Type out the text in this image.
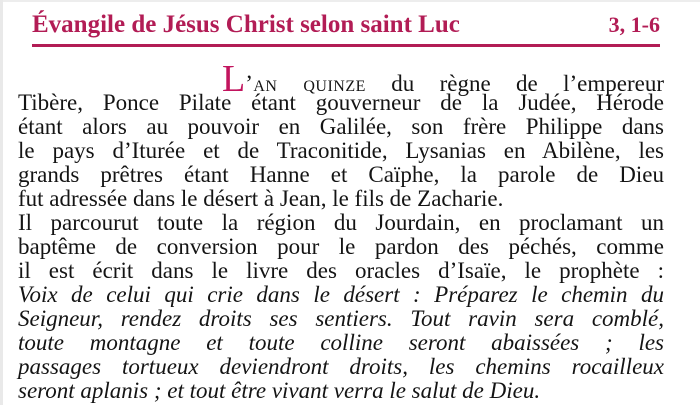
Évangile de Jésus Christ selon saint Luc	3, 1-6
L’an quinze du règne de l’empereur
Tibère, Ponce Pilate étant gouverneur de la Judée, Hérode
étant alors au pouvoir en Galilée, son frère Philippe dans
le pays d’Iturée et de Traconitide, Lysanias en Abilène, les
grands prêtres étant Hanne et Caïphe, la parole de Dieu
fut adressée dans le désert à Jean, le fils de Zacharie.
Il parcourut toute la région du Jourdain, en proclamant un
baptême de conversion pour le pardon des péchés, comme
il est écrit dans le livre des oracles d’Isaïe, le prophète :
Voix de celui qui crie dans le désert : Préparez le chemin du
Seigneur, rendez droits ses sentiers. Tout ravin sera comblé,
toute montagne et toute colline seront abaissées ; les
passages tortueux deviendront droits, les chemins rocailleux
seront aplanis ; et tout être vivant verra le salut de Dieu.
